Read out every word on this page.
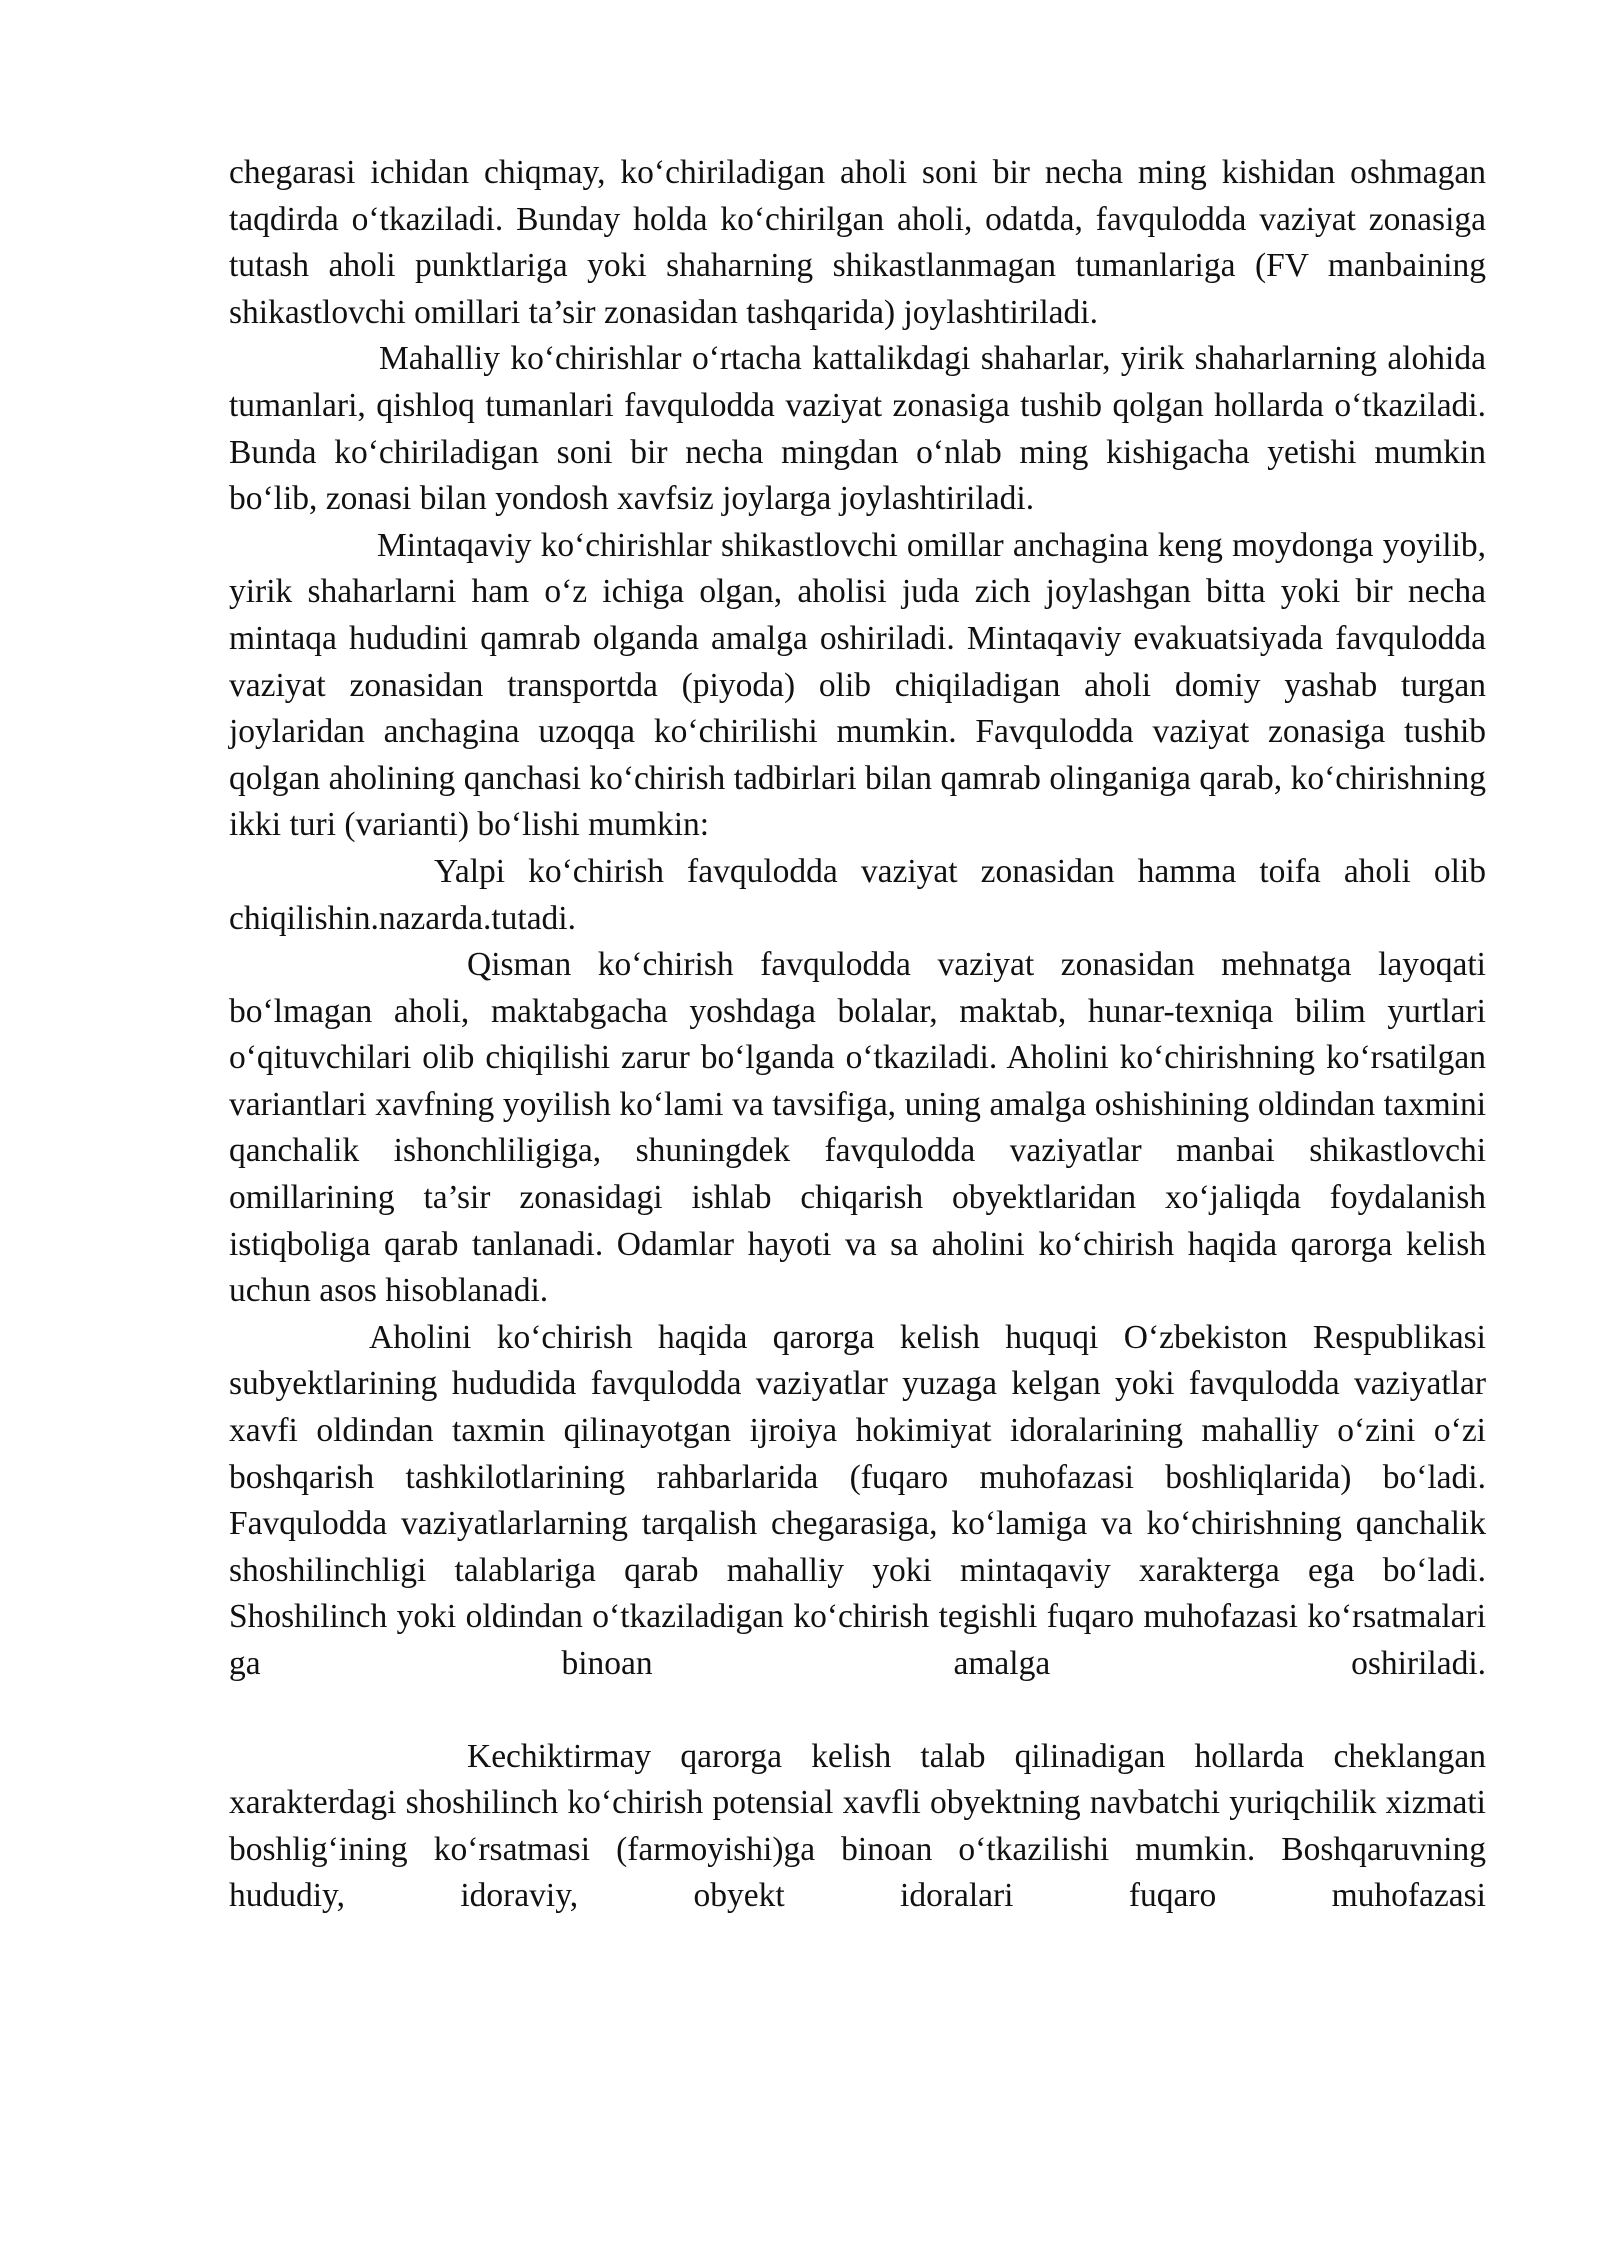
chegarasi ichidan chiqmay, ko‘chiriladigan aholi soni bir necha ming kishidan oshmagan taqdirda o‘tkaziladi. Bunday holda ko‘chirilgan aholi, odatda, favqulodda vaziyat zonasiga tutash aholi punktlariga yoki shaharning shikastlanmagan tumanlariga (FV manbaining shikastlovchi omillari ta’sir zonasidan tashqarida) joylashtiriladi.

Mahalliy ko‘chirishlar o‘rtacha kattalikdagi shaharlar, yirik shaharlarning alohida tumanlari, qishloq tumanlari favqulodda vaziyat zonasiga tushib qolgan hollarda o‘tkaziladi. Bunda ko‘chiriladigan soni bir necha mingdan o‘nlab ming kishigacha yetishi mumkin bo‘lib, zonasi bilan yondosh xavfsiz joylarga joylashtiriladi.

Mintaqaviy ko‘chirishlar shikastlovchi omillar anchagina keng moydonga yoyilib, yirik shaharlarni ham o‘z ichiga olgan, aholisi juda zich joylashgan bitta yoki bir necha mintaqa hududini qamrab olganda amalga oshiriladi. Mintaqaviy evakuatsiyada favqulodda vaziyat zonasidan transportda (piyoda) olib chiqiladigan aholi domiy yashab turgan joylaridan anchagina uzoqqa ko‘chirilishi mumkin. Favqulodda vaziyat zonasiga tushib qolgan aholining qanchasi ko‘chirish tadbirlari bilan qamrab olinganiga qarab, ko‘chirishning ikki turi (varianti) bo‘lishi mumkin:

Yalpi ko‘chirish favqulodda vaziyat zonasidan hamma toifa aholi olib chiqilishin.nazarda.tutadi.

Qisman ko‘chirish favqulodda vaziyat zonasidan mehnatga layoqati bo‘lmagan aholi, maktabgacha yoshdaga bolalar, maktab, hunar-texniqa bilim yurtlari o‘qituvchilari olib chiqilishi zarur bo‘lganda o‘tkaziladi. Aholini ko‘chirishning ko‘rsatilgan variantlari xavfning yoyilish ko‘lami va tavsifiga, uning amalga oshishining oldindan taxmini qanchalik ishonchliligiga, shuningdek favqulodda vaziyatlar manbai shikastlovchi omillarining ta’sir zonasidagi ishlab chiqarish obyektlaridan xo‘jaliqda foydalanish istiqboliga qarab tanlanadi. Odamlar hayoti va sa aholini ko‘chirish haqida qarorga kelish uchun asos hisoblanadi.

Aholini ko‘chirish haqida qarorga kelish huquqi O‘zbekiston Respublikasi subyektlarining hududida favqulodda vaziyatlar yuzaga kelgan yoki favqulodda vaziyatlar xavfi oldindan taxmin qilinayotgan ijroiya hokimiyat idoralarining mahalliy o‘zini o‘zi boshqarish tashkilotlarining rahbarlarida (fuqaro muhofazasi boshliqlarida) bo‘ladi. Favqulodda vaziyatlarlarning tarqalish chegarasiga, ko‘lamiga va ko‘chirishning qanchalik shoshilinchligi talablariga qarab mahalliy yoki mintaqaviy xarakterga ega bo‘ladi. Shoshilinch yoki oldindan o‘tkaziladigan ko‘chirish tegishli fuqaro muhofazasi ko‘rsatmalari ga binoan amalga oshiriladi.

Kechiktirmay qarorga kelish talab qilinadigan hollarda cheklangan xarakterdagi shoshilinch ko‘chirish potensial xavfli obyektning navbatchi yuriqchilik xizmati boshlig‘ining ko‘rsatmasi (farmoyishi)ga binoan o‘tkazilishi mumkin. Boshqaruvning hududiy, idoraviy, obyekt idoralari fuqaro muhofazasi
